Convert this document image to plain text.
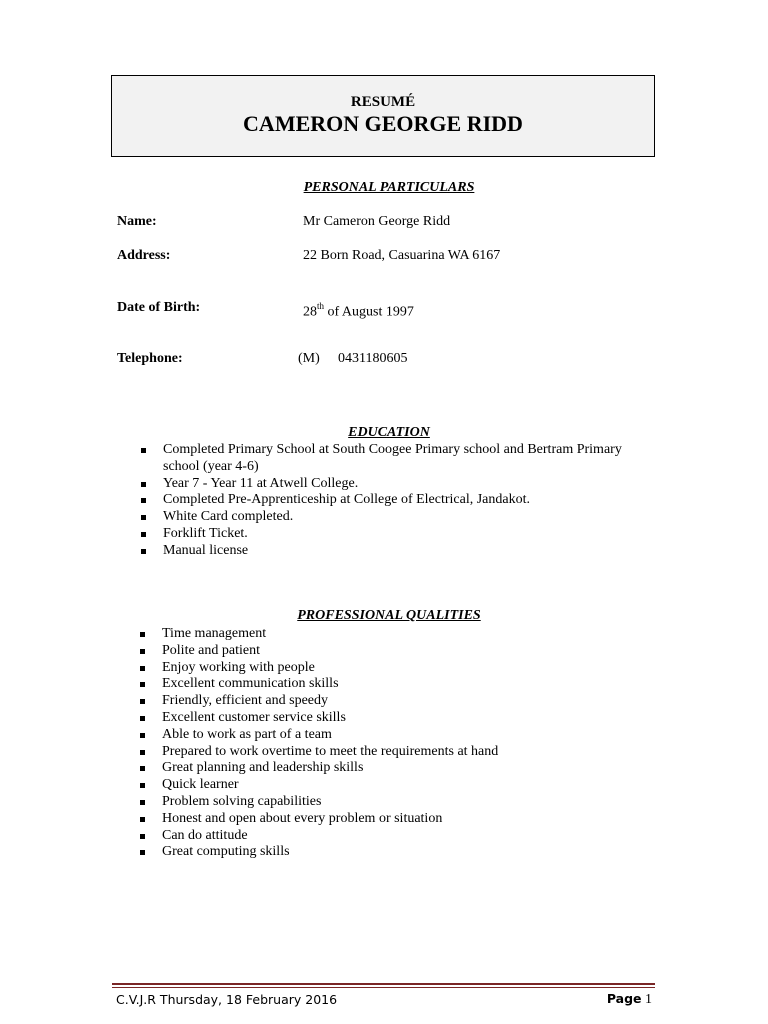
RESUMÉ
CAMERON GEORGE RIDD
PERSONAL PARTICULARS
Name:	Mr Cameron George Ridd
Address:	22 Born Road, Casuarina WA 6167
Date of Birth:	28th of August 1997
Telephone:	(M) 0431180605
EDUCATION
Completed Primary School at South Coogee Primary school and Bertram Primary school (year 4-6)
Year 7 - Year 11 at Atwell College.
Completed Pre-Apprenticeship at College of Electrical, Jandakot.
White Card completed.
Forklift Ticket.
Manual license
PROFESSIONAL QUALITIES
Time management
Polite and patient
Enjoy working with people
Excellent communication skills
Friendly, efficient and speedy
Excellent customer service skills
Able to work as part of a team
Prepared to work overtime to meet the requirements at hand
Great planning and leadership skills
Quick learner
Problem solving capabilities
Honest and open about every problem or situation
Can do attitude
Great computing skills
C.V.J.R Thursday, 18 February 2016	Page 1
